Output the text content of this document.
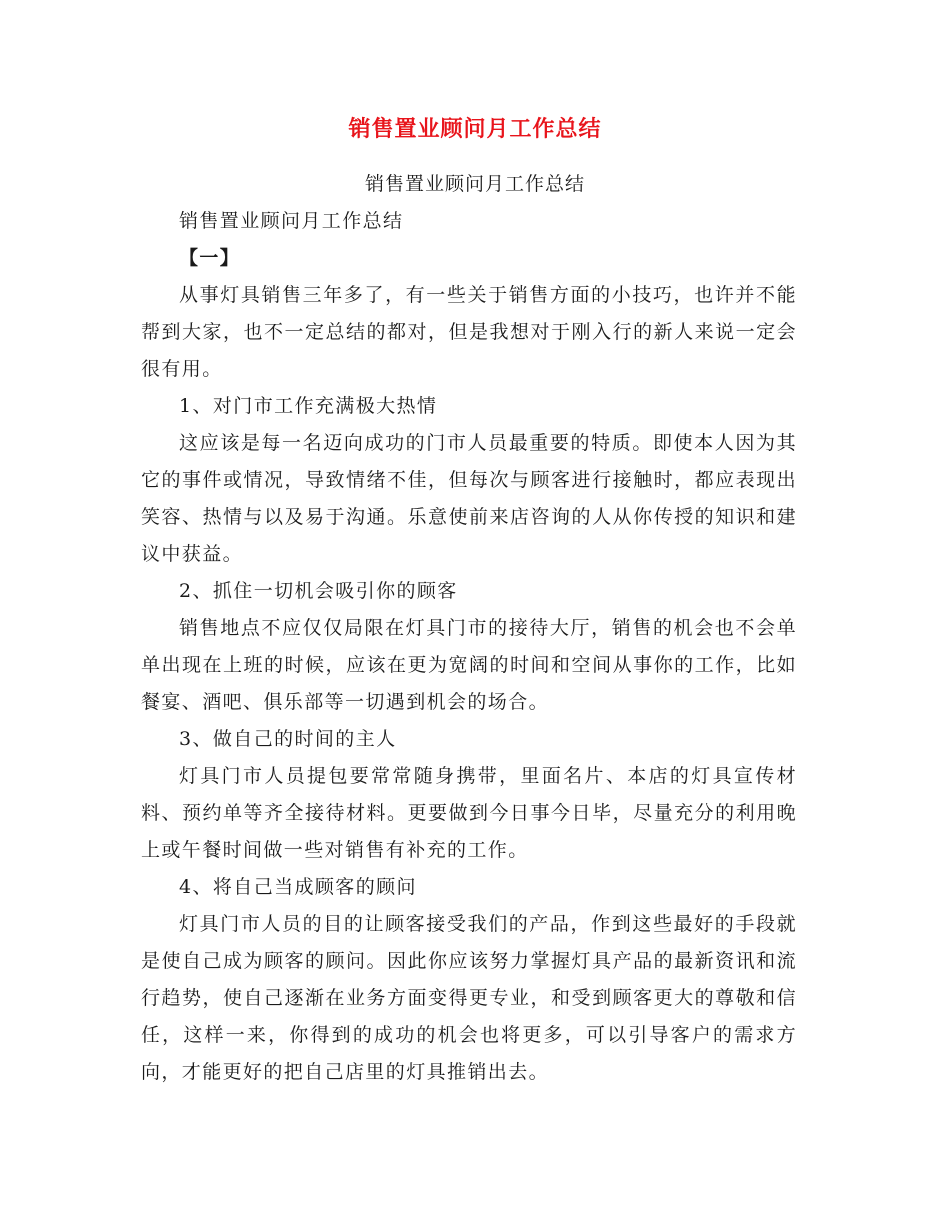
销售置业顾问月工作总结
销售置业顾问月工作总结

销售置业顾问月工作总结

【一】

从事灯具销售三年多了，有一些关于销售方面的小技巧，也许并不能帮到大家，也不一定总结的都对，但是我想对于刚入行的新人来说一定会很有用。

1、对门市工作充满极大热情

这应该是每一名迈向成功的门市人员最重要的特质。即使本人因为其它的事件或情况，导致情绪不佳，但每次与顾客进行接触时，都应表现出笑容、热情与以及易于沟通。乐意使前来店咨询的人从你传授的知识和建议中获益。

2、抓住一切机会吸引你的顾客

销售地点不应仅仅局限在灯具门市的接待大厅，销售的机会也不会单单出现在上班的时候，应该在更为宽阔的时间和空间从事你的工作，比如餐宴、酒吧、俱乐部等一切遇到机会的场合。

3、做自己的时间的主人

灯具门市人员提包要常常随身携带，里面名片、本店的灯具宣传材料、预约单等齐全接待材料。更要做到今日事今日毕，尽量充分的利用晚上或午餐时间做一些对销售有补充的工作。

4、将自己当成顾客的顾问

灯具门市人员的目的让顾客接受我们的产品，作到这些最好的手段就是使自己成为顾客的顾问。因此你应该努力掌握灯具产品的最新资讯和流行趋势，使自己逐渐在业务方面变得更专业，和受到顾客更大的尊敬和信任，这样一来，你得到的成功的机会也将更多，可以引导客户的需求方向，才能更好的把自己店里的灯具推销出去。
